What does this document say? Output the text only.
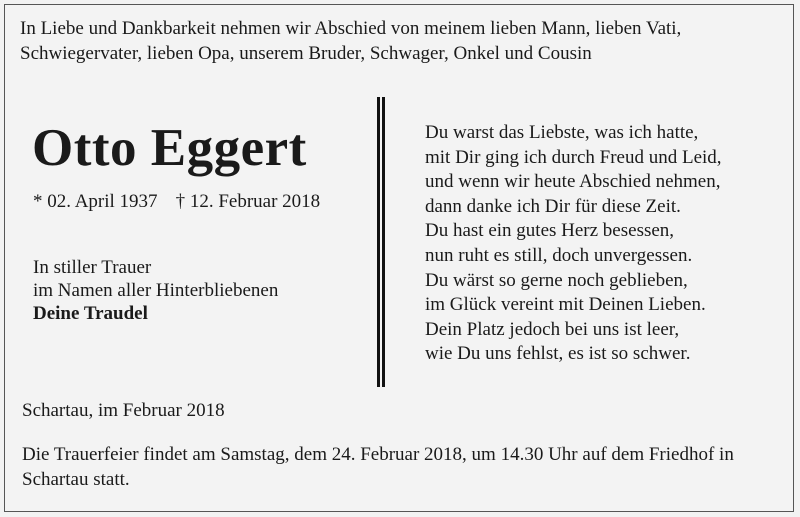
In Liebe und Dankbarkeit nehmen wir Abschied von meinem lieben Mann, lieben Vati, Schwiegervater, lieben Opa, unserem Bruder, Schwager, Onkel und Cousin

Otto Eggert
* 02. April 1937 † 12. Februar 2018
In stiller Trauer
im Namen aller Hinterbliebenen
Deine Traudel
Du warst das Liebste, was ich hatte,
mit Dir ging ich durch Freud und Leid,
und wenn wir heute Abschied nehmen,
dann danke ich Dir für diese Zeit.
Du hast ein gutes Herz besessen,
nun ruht es still, doch unvergessen.
Du wärst so gerne noch geblieben,
im Glück vereint mit Deinen Lieben.
Dein Platz jedoch bei uns ist leer,
wie Du uns fehlst, es ist so schwer.
Schartau, im Februar 2018

Die Trauerfeier findet am Samstag, dem 24. Februar 2018, um 14.30 Uhr auf dem Friedhof in Schartau statt.
